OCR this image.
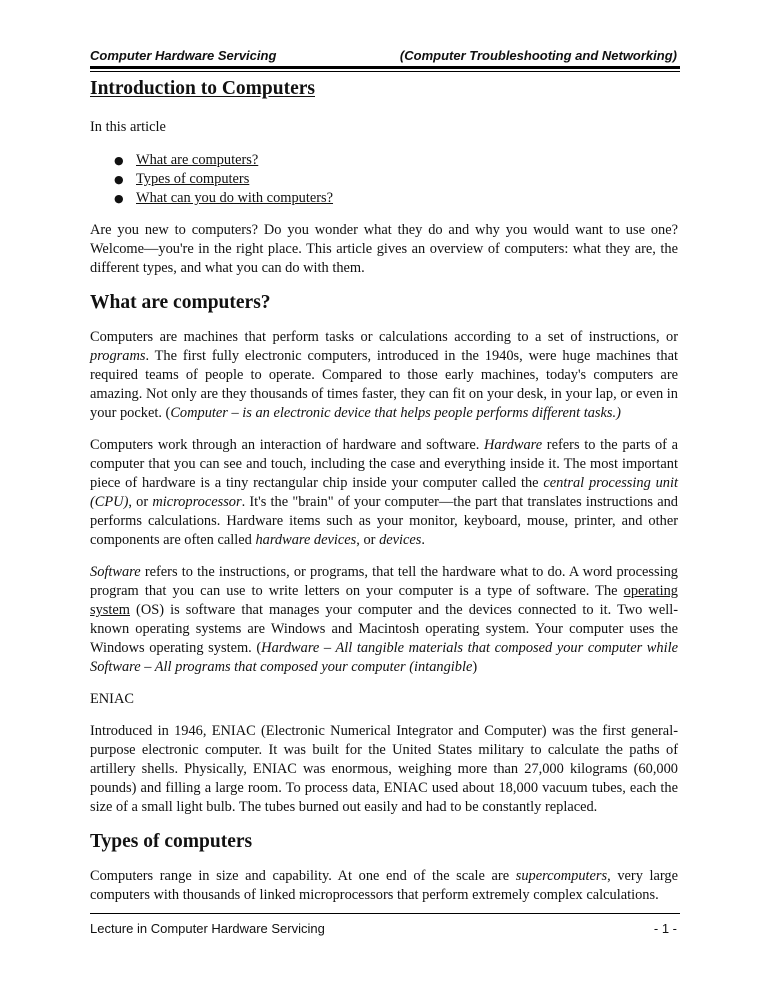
Computer Hardware Servicing	(Computer Troubleshooting and Networking)
Introduction to Computers

In this article

● What are computers?
● Types of computers
● What can you do with computers?

Are you new to computers? Do you wonder what they do and why you would want to use one? Welcome—you're in the right place. This article gives an overview of computers: what they are, the different types, and what you can do with them.

What are computers?

Computers are machines that perform tasks or calculations according to a set of instructions, or programs. The first fully electronic computers, introduced in the 1940s, were huge machines that required teams of people to operate. Compared to those early machines, today's computers are amazing. Not only are they thousands of times faster, they can fit on your desk, in your lap, or even in your pocket. (Computer – is an electronic device that helps people performs different tasks.)

Computers work through an interaction of hardware and software. Hardware refers to the parts of a computer that you can see and touch, including the case and everything inside it. The most important piece of hardware is a tiny rectangular chip inside your computer called the central processing unit (CPU), or microprocessor. It's the "brain" of your computer—the part that translates instructions and performs calculations. Hardware items such as your monitor, keyboard, mouse, printer, and other components are often called hardware devices, or devices.

Software refers to the instructions, or programs, that tell the hardware what to do. A word processing program that you can use to write letters on your computer is a type of software. The operating system (OS) is software that manages your computer and the devices connected to it. Two well-known operating systems are Windows and Macintosh operating system. Your computer uses the Windows operating system. (Hardware – All tangible materials that composed your computer while Software – All programs that composed your computer (intangible)

ENIAC

Introduced in 1946, ENIAC (Electronic Numerical Integrator and Computer) was the first general-purpose electronic computer. It was built for the United States military to calculate the paths of artillery shells. Physically, ENIAC was enormous, weighing more than 27,000 kilograms (60,000 pounds) and filling a large room. To process data, ENIAC used about 18,000 vacuum tubes, each the size of a small light bulb. The tubes burned out easily and had to be constantly replaced.

Types of computers

Computers range in size and capability. At one end of the scale are supercomputers, very large computers with thousands of linked microprocessors that perform extremely complex calculations.

Lecture in Computer Hardware Servicing	- 1 -
